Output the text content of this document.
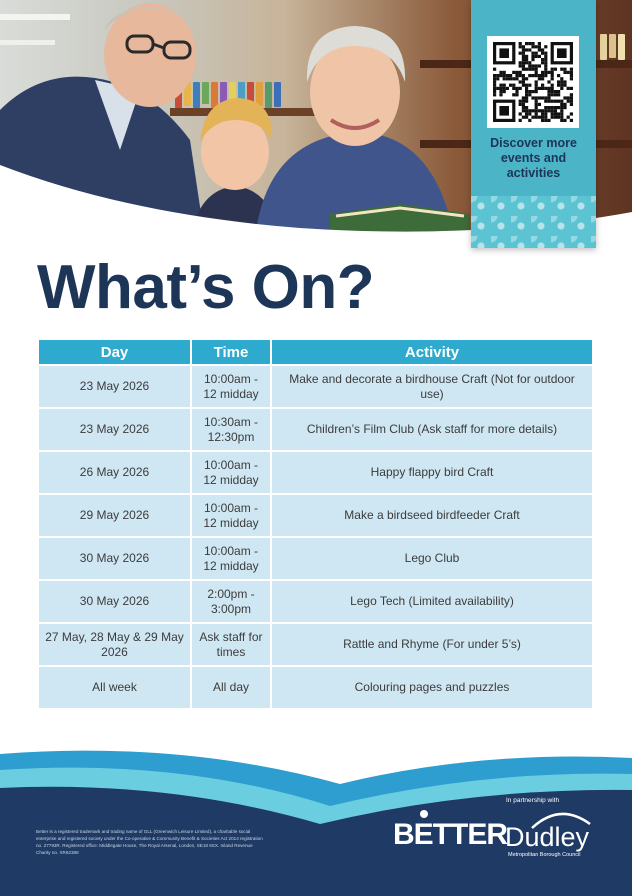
Discover more events and activities
What’s On?
Day	Time	Activity
23 May 2026	10:00am - 12 midday	Make and decorate a birdhouse Craft (Not for outdoor use)
23 May 2026	10:30am - 12:30pm	Children’s Film Club (Ask staff for more details)
26 May 2026	10:00am - 12 midday	Happy flappy bird Craft
29 May 2026	10:00am - 12 midday	Make a birdseed birdfeeder Craft
30 May 2026	10:00am - 12 midday	Lego Club
30 May 2026	2:00pm - 3:00pm	Lego Tech (Limited availability)
27 May, 28 May & 29 May 2026	Ask staff for times	Rattle and Rhyme (For under 5’s)
All week	All day	Colouring pages and puzzles
Better is a registered trademark and trading name of GLL (Greenwich Leisure Limited), a charitable social enterprise and registered society under the Co-operative & Community Benefit & Societies Act 2014 registration no. 27793R. Registered office: Middlegate House, The Royal Arsenal, London, SE18 6SX. Inland Revenue Charity no. XR62388
In partnership with
BETTER
Dudley
Metropolitan Borough Council
